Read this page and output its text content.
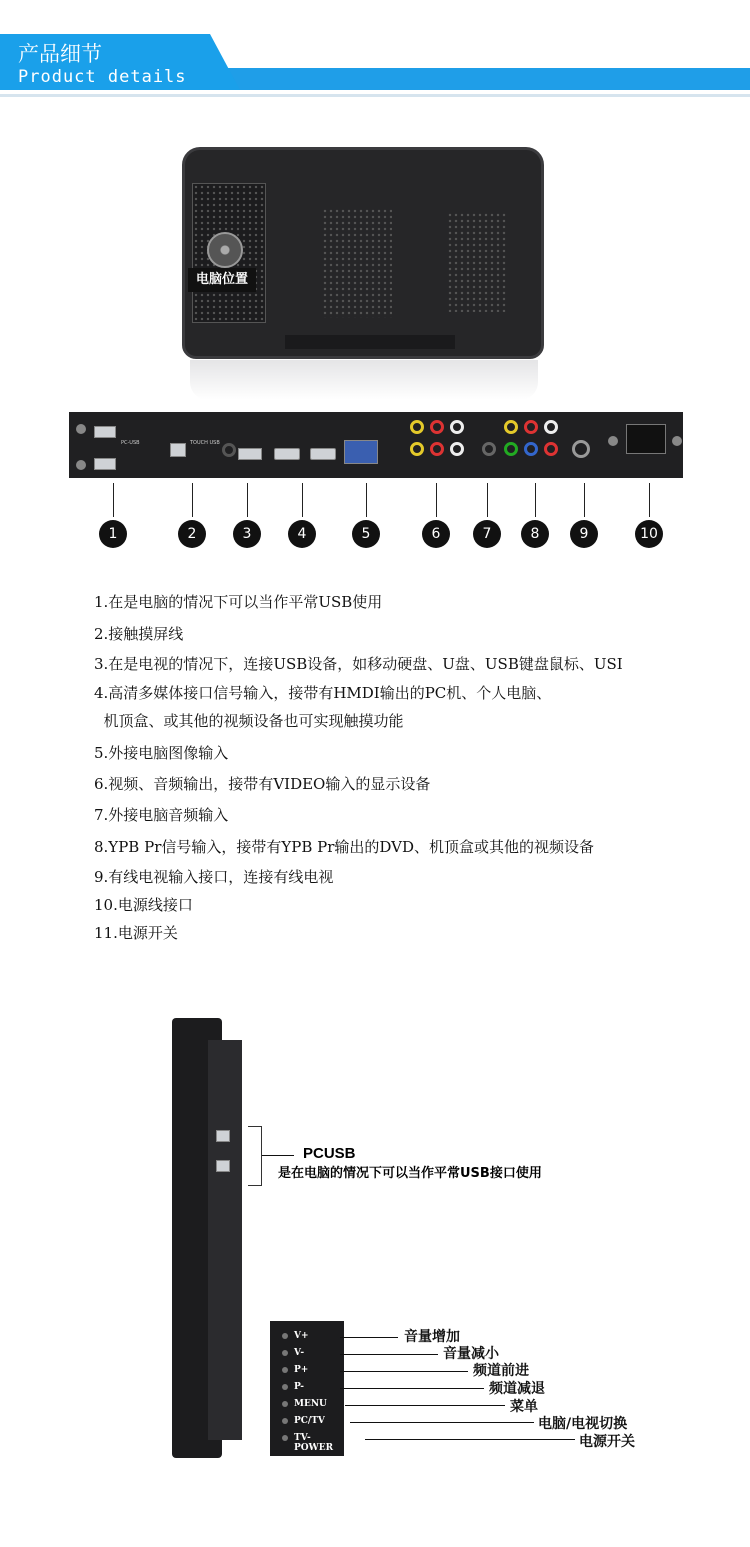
产品细节
Product details
电脑位置
PC-USB	TOUCH USB
1	2	3	4	5	6	7	8	9	10
1.在是电脑的情况下可以当作平常USB使用
2.接触摸屏线
3.在是电视的情况下，连接USB设备，如移动硬盘、U盘、USB键盘鼠标、USI
4.高清多媒体接口信号输入，接带有HMDI输出的PC机、个人电脑、
机顶盒、或其他的视频设备也可实现触摸功能
5.外接电脑图像输入
6.视频、音频输出，接带有VIDEO输入的显示设备
7.外接电脑音频输入
8.YPB Pr信号输入，接带有YPB Pr输出的DVD、机顶盒或其他的视频设备
9.有线电视输入接口，连接有线电视
10.电源线接口
11.电源开关
PCUSB
是在电脑的情况下可以当作平常USB接口使用
V+
V-
P+
P-
MENU
PC/TV
TV-POWER
音量增加
音量减小
频道前进
频道减退
菜单
电脑/电视切换
电源开关
